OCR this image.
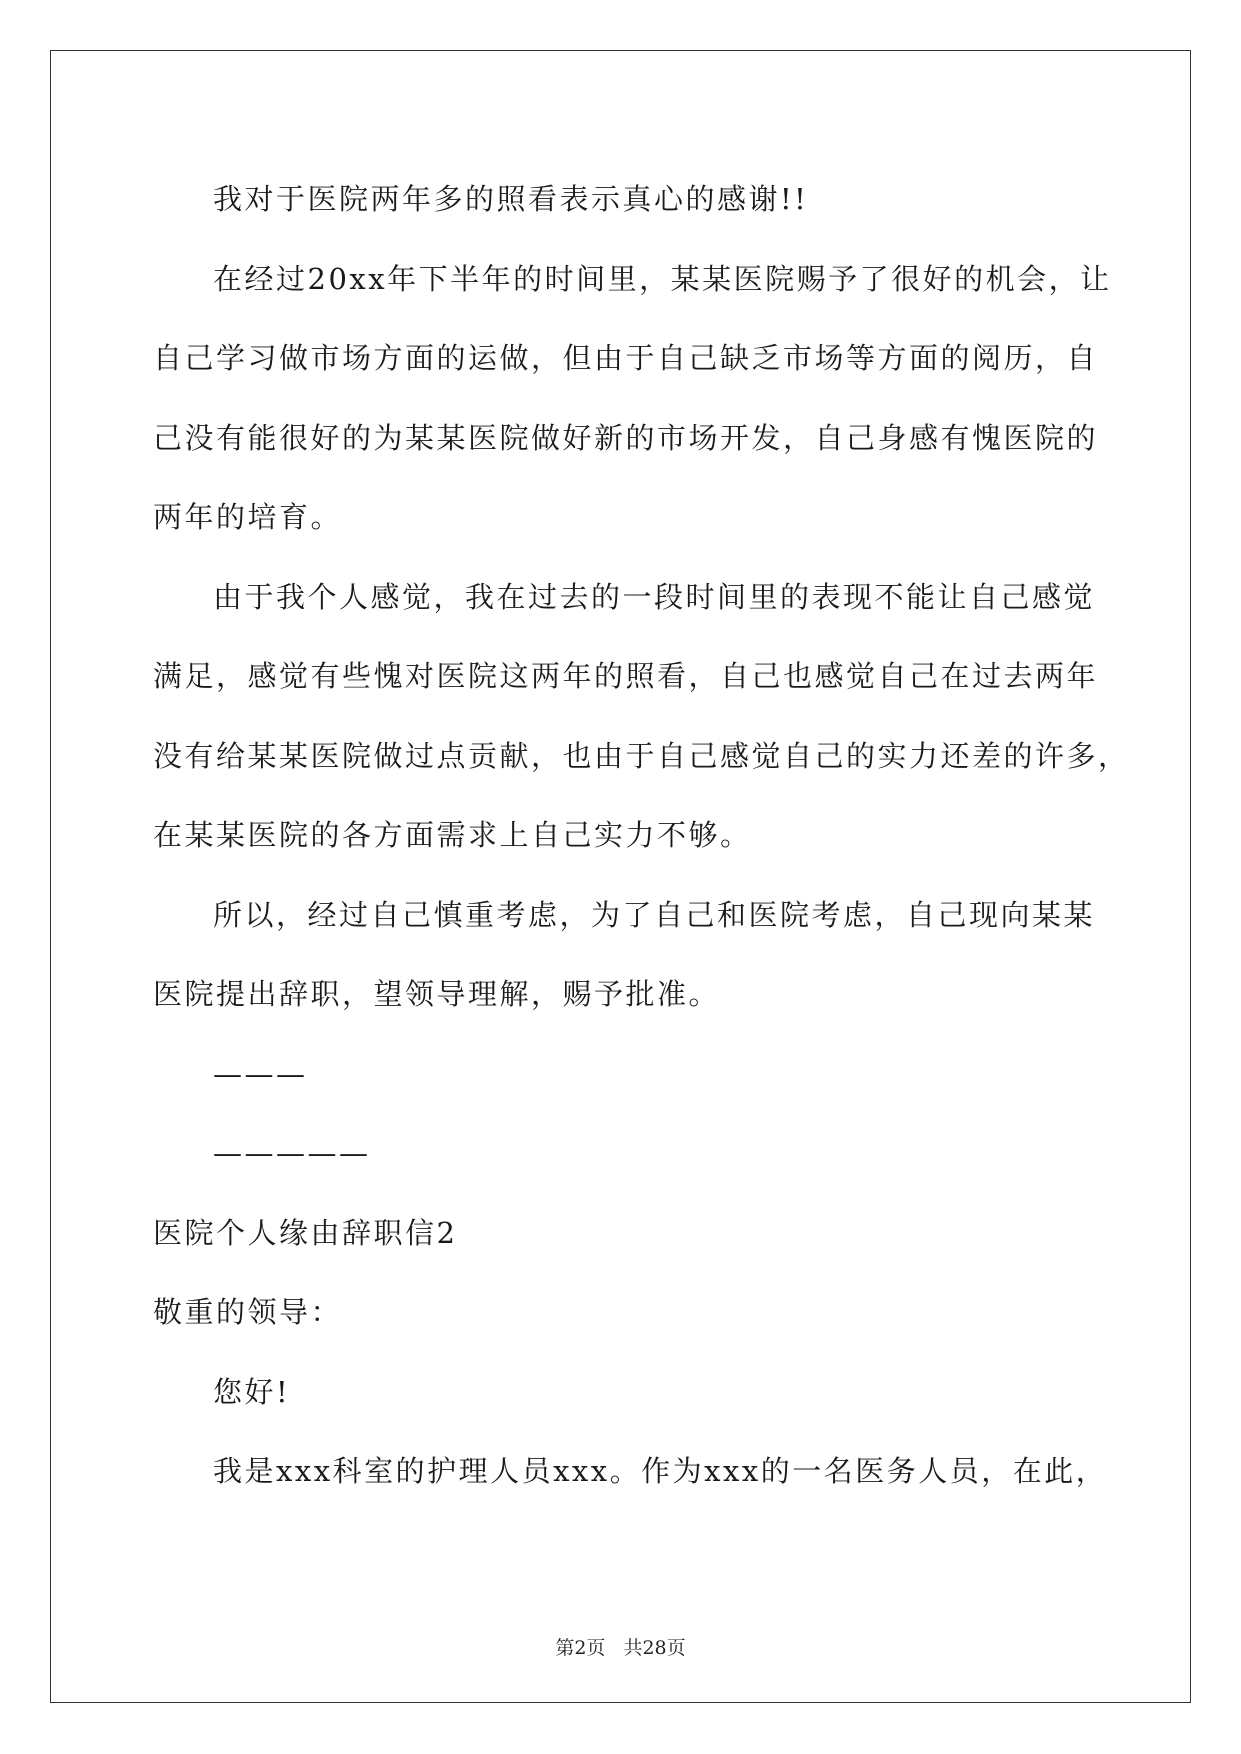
我对于医院两年多的照看表示真心的感谢!!
在经过20xx年下半年的时间里，某某医院赐予了很好的机会，让
自己学习做市场方面的运做，但由于自己缺乏市场等方面的阅历，自
己没有能很好的为某某医院做好新的市场开发，自己身感有愧医院的
两年的培育。
由于我个人感觉，我在过去的一段时间里的表现不能让自己感觉
满足，感觉有些愧对医院这两年的照看，自己也感觉自己在过去两年
没有给某某医院做过点贡献，也由于自己感觉自己的实力还差的许多，
在某某医院的各方面需求上自己实力不够。
所以，经过自己慎重考虑，为了自己和医院考虑，自己现向某某
医院提出辞职，望领导理解，赐予批准。
———
—————
医院个人缘由辞职信2
敬重的领导：
您好!
我是xxx科室的护理人员xxx。作为xxx的一名医务人员，在此，
第2页 共28页
